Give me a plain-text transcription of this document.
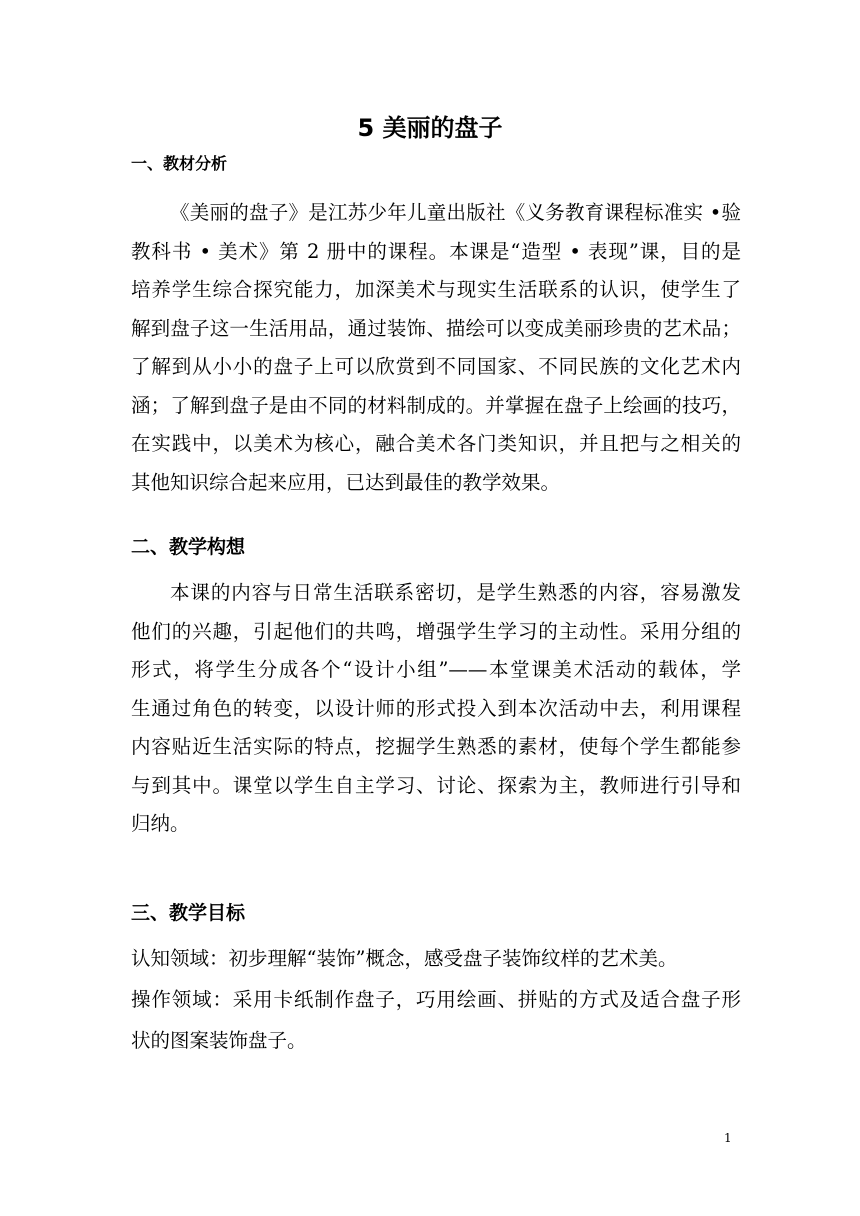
5 美丽的盘子
一、教材分析
《美丽的盘子》是江苏少年儿童出版社《义务教育课程标准实 •验
教科书 • 美术》第 2 册中的课程。本课是“造型 • 表现”课，目的是
培养学生综合探究能力，加深美术与现实生活联系的认识，使学生了
解到盘子这一生活用品，通过装饰、描绘可以变成美丽珍贵的艺术品；
了解到从小小的盘子上可以欣赏到不同国家、不同民族的文化艺术内
涵；了解到盘子是由不同的材料制成的。并掌握在盘子上绘画的技巧，
在实践中，以美术为核心，融合美术各门类知识，并且把与之相关的
其他知识综合起来应用，已达到最佳的教学效果。
二、教学构想
本课的内容与日常生活联系密切，是学生熟悉的内容，容易激发
他们的兴趣，引起他们的共鸣，增强学生学习的主动性。采用分组的
形式，将学生分成各个“设计小组”——本堂课美术活动的载体，学
生通过角色的转变，以设计师的形式投入到本次活动中去，利用课程
内容贴近生活实际的特点，挖掘学生熟悉的素材，使每个学生都能参
与到其中。课堂以学生自主学习、讨论、探索为主，教师进行引导和
归纳。
三、教学目标
认知领域：初步理解“装饰”概念，感受盘子装饰纹样的艺术美。
操作领域：采用卡纸制作盘子，巧用绘画、拼贴的方式及适合盘子形
状的图案装饰盘子。
1
